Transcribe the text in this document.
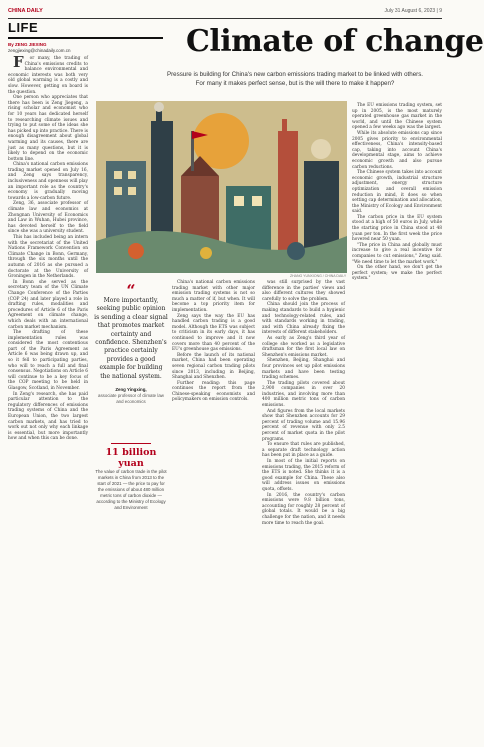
CHINA DAILY	July 31 August 6, 2023 | 9
LIFE
By ZENG JIEXING
zengjiexing@chinadaily.com.cn

For many, the trading of China's emissions credits to balance environmental and economic interests was both very old global warming is a costly and slow. However, getting on board is the question.

One person who appreciates that there has been is Zeng Jiegeng, a rising scholar and economist who for 10 years has dedicated herself to researching climate issues and trying to put some of the ideas she has picked up into practice. There is enough disagreement about global warming and its causes, there are just as many questions, but it is likely to depend on the economic bottom line.

China's national carbon emissions trading market opened on July 16, and Zeng says transparency, inclusiveness and openness will play an important role as the country's economy is gradually moving towards a low-carbon future.

Zeng, 36, associate professor of climate law and economics at Zhongnan University of Economics and Law in Wuhan, Hubei province, has devoted herself to the field since she was a university student.

This has included being an intern with the secretariat of the United Nations Framework Convention on Climate Change in Bonn, Germany, through the six months until the autumn of 2016 as she pursued a doctorate at the University of Groningen in the Netherlands.

In Bonn she served as the secretary team of the UN Climate Change Conference of the Parties (COP 24) and later played a role in drafting rules, modalities and procedures of Article 6 of the Paris Agreement on climate change, which deals with an international carbon market mechanism.

The drafting of these implementation rules was considered the most contentious part of the Paris Agreement as Article 6 was being drawn up, and so it fell to participating parties, who will to reach a full and final consensus. Negotiations on Article 6 will continue to be a key focus of the COP meeting to be held in Glasgow, Scotland, in November.

In Zeng's research, she has paid particular attention to the regulatory differences of emissions trading systems of China and the European Union, the two largest carbon markets, and has tried to work out not only why each linkage is essential, but more importantly how and when this can be done.

Climate of change
Pressure is building for China's new carbon emissions trading market to be linked with others. For many it makes perfect sense, but is the will there to make it happen?
ZHANG YUNXIONG / CHINA DAILY
“
More importantly, seeking public opinion is sending a clear signal that promotes market certainty and confidence. Shenzhen's practice certainly provides a good example for building the national system.
Zeng Yingxing,
associate professor of climate law and economics
11 billion yuan
The value of carbon trade in the pilot markets in China from 2013 to the start of 2021 — the price to pay for the emissions of about 480 million metric tons of carbon dioxide — according to the Ministry of Ecology and Environment

China's national carbon emissions trading market with other major emission trading systems is not so much a matter of if, but when. It will become a top priority item for implementation.

Zeng says the way the EU has handled carbon trading is a good model. Although the ETS was subject to criticism in its early days, it has continued to improve and it now covers more than 40 percent of the EU's greenhouse gas emissions.

Before the launch of its national market, China had been operating seven regional carbon trading pilots since 2013, including in Beijing, Shanghai and Shenzhen.

Further reading: this page continues the report from the Chinese-speaking economists and policymakers on emission controls.

was still surprised by the vast difference in the parties' views and also different cultures they showed carefully to solve the problem.

China should join the process of making standards to build a hygienic and technology-related rules, and with standards working in trading, and with China already fixing the interests of different stakeholders.

As early as Zeng's third year of college she worked as a legislative draftsman for the first local law on Shenzhen's emissions market.

Shenzhen, Beijing, Shanghai and four provinces set up pilot emissions markets and have been testing trading schemes.

The trading pilots covered about 2,900 companies in over 20 industries, and involving more than 400 million metric tons of carbon emissions.

And figures from the local markets show that Shenzhen accounts for 29 percent of trading volume and 15.96 percent of revenue with only 2.5 percent of market quota in the pilot programs.

To ensure that rules are published, a separate draft technology action has been put in place as a guide.

In most of the initial reports on emissions trading, the 2015 reform of the ETS is noted. She thinks it is a good example for China. These also will address issues on emissions quota, offsets.

In 2016, the country's carbon emissions were 9.8 billion tons, accounting for roughly 28 percent of global totals. It would be a big challenge for the nation, and it needs more time to reach the goal.

The EU emissions trading system, set up in 2005, is the most maturely operated greenhouse gas market in the world, and until the Chinese system opened a few weeks ago was the largest.

While its absolute emissions cap since 2005 gives priority to environmental effectiveness, China's intensity-based cap, taking into account China's developmental stage, aims to achieve economic growth and also pursue carbon reductions.

The Chinese system takes into account economic growth, industrial structure adjustment, energy structure optimization and overall emission reduction in mind, it does so when setting cap determination and allocation, the Ministry of Ecology and Environment said.

The carbon price in the EU system stood at a high of 50 euros in July, while the starting price in China stood at 48 yuan per ton. In the first week the price hovered near 50 yuan.

"The price in China and globally must increase to give a real incentive for companies to cut emissions," Zeng said. "We need time to let the market work."

On the other hand, we don't get the perfect system; we make the perfect system."
